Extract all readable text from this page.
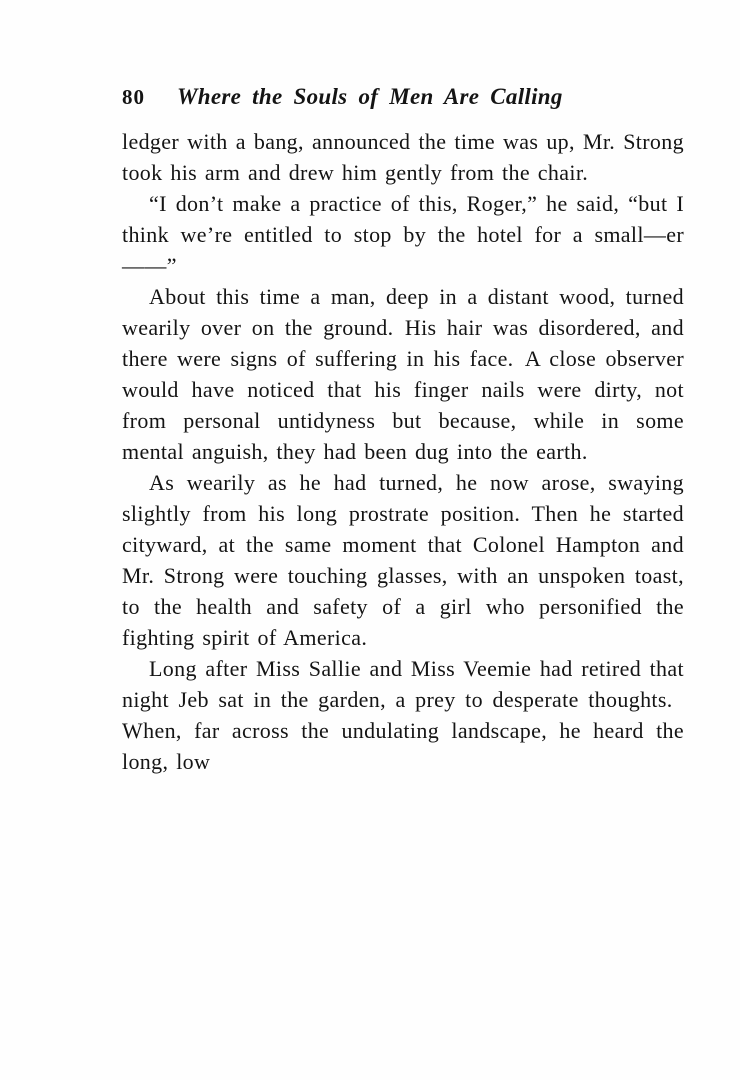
80 Where the Souls of Men Are Calling

ledger with a bang, announced the time was up, Mr. Strong took his arm and drew him gently from the chair.

“I don’t make a practice of this, Roger,” he said, “but I think we’re entitled to stop by the hotel for a small—er——”

About this time a man, deep in a distant wood, turned wearily over on the ground. His hair was disordered, and there were signs of suffering in his face. A close observer would have noticed that his finger nails were dirty, not from personal untidyness but because, while in some mental anguish, they had been dug into the earth.

As wearily as he had turned, he now arose, swaying slightly from his long prostrate position. Then he started cityward, at the same moment that Colonel Hampton and Mr. Strong were touching glasses, with an unspoken toast, to the health and safety of a girl who personified the fighting spirit of America.

Long after Miss Sallie and Miss Veemie had retired that night Jeb sat in the garden, a prey to desperate thoughts. When, far across the undulating landscape, he heard the long, low
